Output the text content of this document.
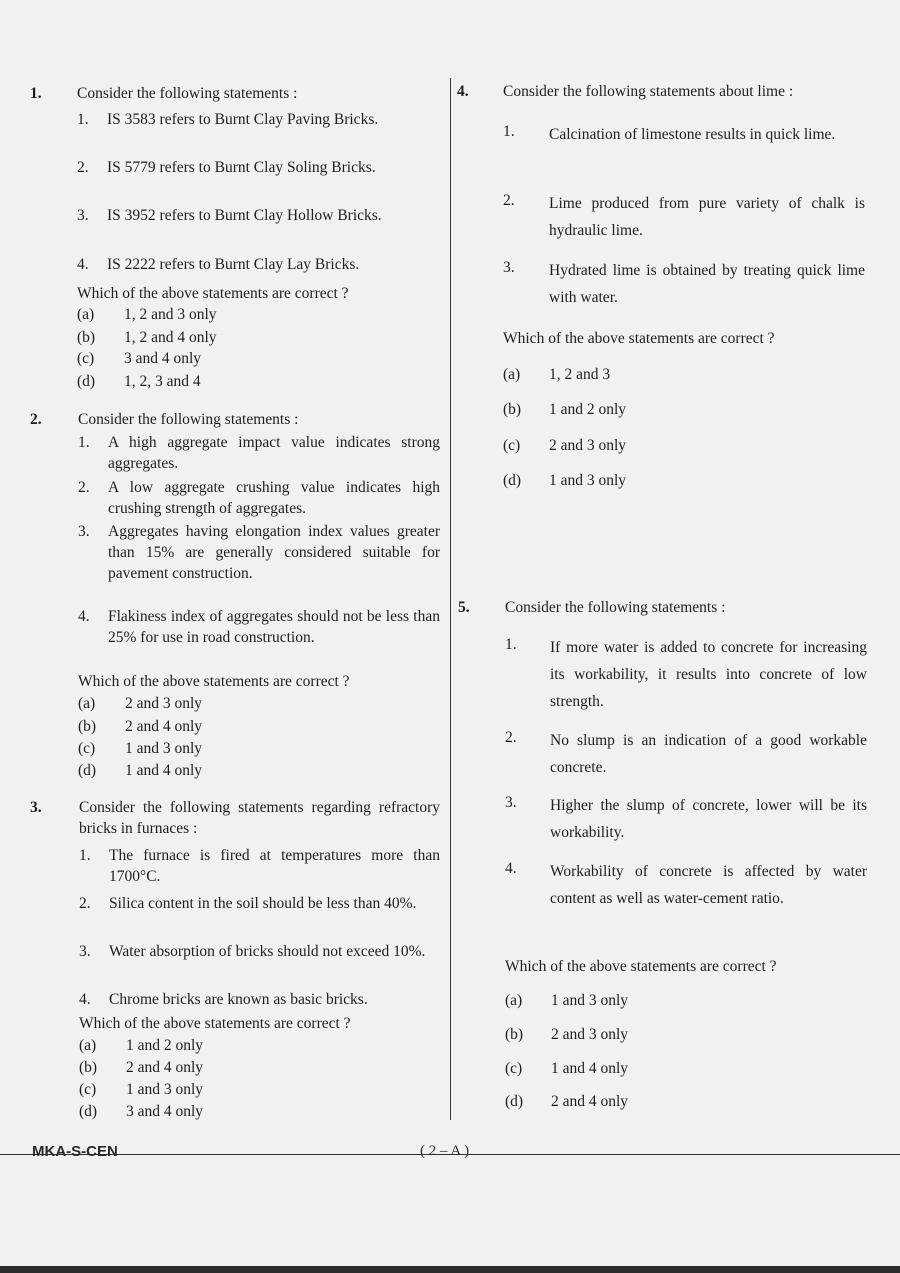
1. Consider the following statements :
1. IS 3583 refers to Burnt Clay Paving Bricks.
2. IS 5779 refers to Burnt Clay Soling Bricks.
3. IS 3952 refers to Burnt Clay Hollow Bricks.
4. IS 2222 refers to Burnt Clay Lay Bricks.
Which of the above statements are correct ?
(a) 1, 2 and 3 only
(b) 1, 2 and 4 only
(c) 3 and 4 only
(d) 1, 2, 3 and 4
2. Consider the following statements :
1. A high aggregate impact value indicates strong aggregates.
2. A low aggregate crushing value indicates high crushing strength of aggregates.
3. Aggregates having elongation index values greater than 15% are generally considered suitable for pavement construction.
4. Flakiness index of aggregates should not be less than 25% for use in road construction.
Which of the above statements are correct ?
(a) 2 and 3 only
(b) 2 and 4 only
(c) 1 and 3 only
(d) 1 and 4 only
3. Consider the following statements regarding refractory bricks in furnaces :
1. The furnace is fired at temperatures more than 1700°C.
2. Silica content in the soil should be less than 40%.
3. Water absorption of bricks should not exceed 10%.
4. Chrome bricks are known as basic bricks.
Which of the above statements are correct ?
(a) 1 and 2 only
(b) 2 and 4 only
(c) 1 and 3 only
(d) 3 and 4 only
4. Consider the following statements about lime :
1. Calcination of limestone results in quick lime.
2. Lime produced from pure variety of chalk is hydraulic lime.
3. Hydrated lime is obtained by treating quick lime with water.
Which of the above statements are correct ?
(a) 1, 2 and 3
(b) 1 and 2 only
(c) 2 and 3 only
(d) 1 and 3 only
5. Consider the following statements :
1. If more water is added to concrete for increasing its workability, it results into concrete of low strength.
2. No slump is an indication of a good workable concrete.
3. Higher the slump of concrete, lower will be its workability.
4. Workability of concrete is affected by water content as well as water-cement ratio.
Which of the above statements are correct ?
(a) 1 and 3 only
(b) 2 and 3 only
(c) 1 and 4 only
(d) 2 and 4 only
MKA-S-CEN	( 2 – A )
